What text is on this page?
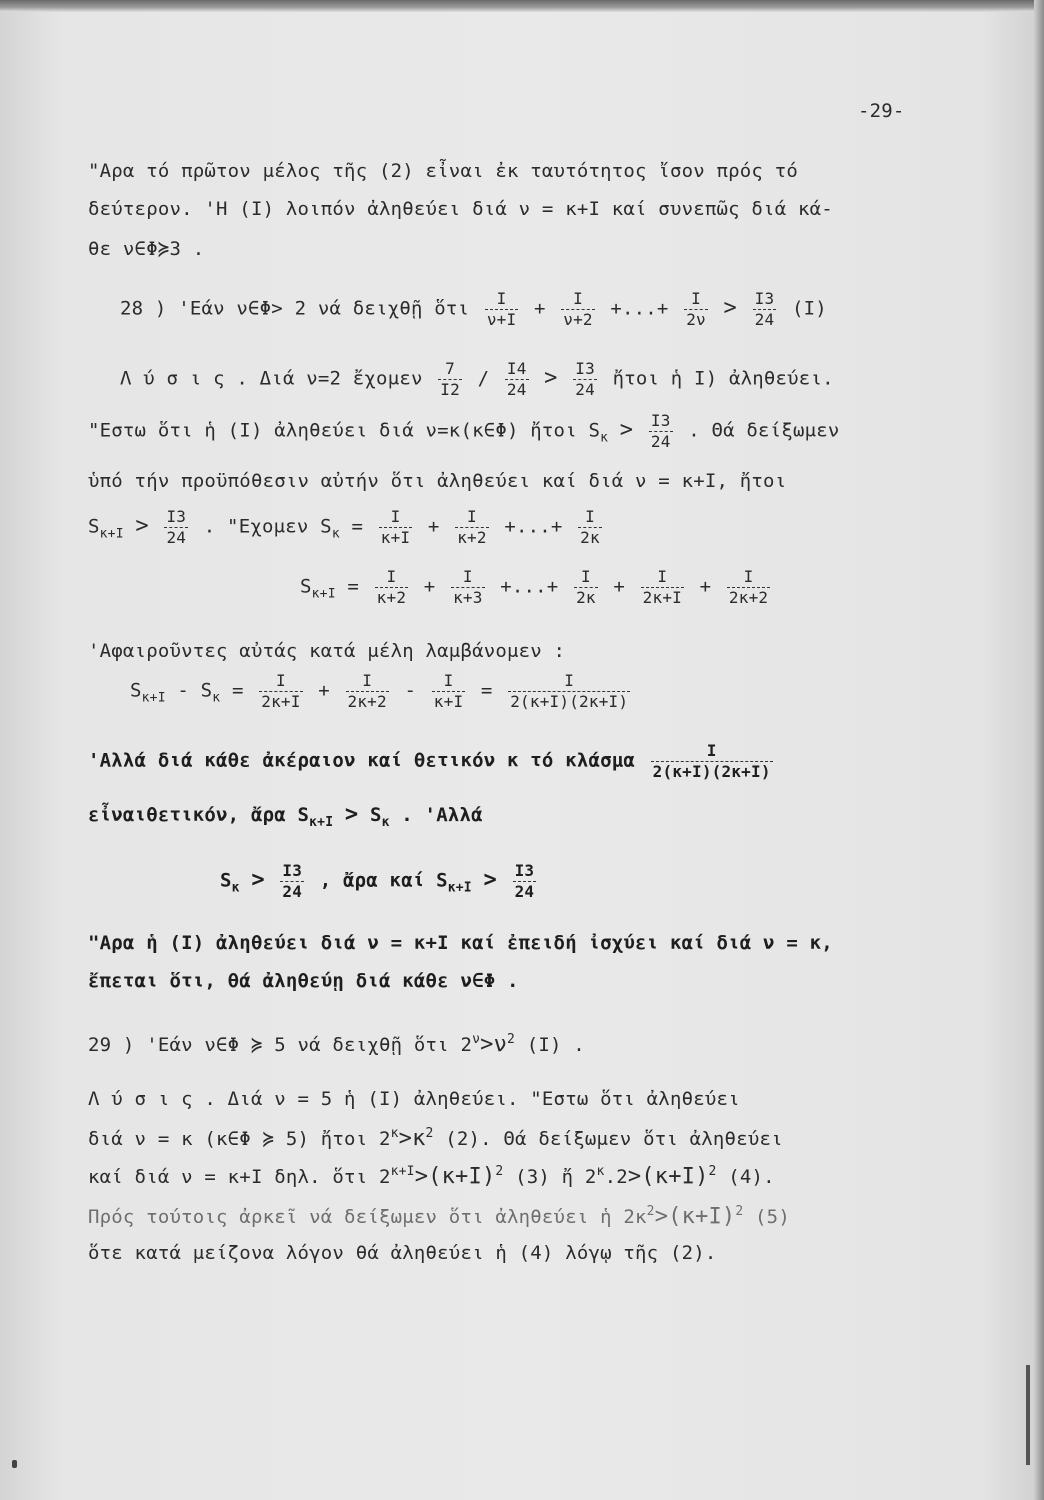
-29-
"Αρα τό πρῶτον μέλος τῆς (2) εἶναι ἐκ ταυτότητος ἴσον πρός τό
δεύτερον. 'Η (Ι) λοιπόν ἀληθεύει διά ν = κ+Ι καί συνεπῶς διά κά-
θε ν∈Φ≽3 .
28 ) 'Εάν ν∈Φ> 2 νά δειχθῇ ὅτι $\frac{I}{\nu+I} + \frac{I}{\nu+2}$ +...+ $\frac{I}{2\nu} > \frac{I3}{24} (I)$
Λ ύ σ ι ς . Διά ν=2 ἔχομεν $\frac{7}{I2} / \frac{I4}{24} > \frac{I3}{24}$ ἤτοι ἡ Ι) ἀληθεύει.
"Εστω ὅτι ἡ (Ι) ἀληθεύει διά ν=κ(κ∈Φ) ἤτοι $S_\kappa > \frac{I3}{24}$ . Θά δείξωμεν
ὑπό τήν προϋπόθεσιν αὐτήν ὅτι ἀληθεύει καί διά ν = κ+Ι, ἤτοι
$S_{\kappa+I} > \frac{I3}{24}$ . "Εχομεν $S_\kappa = \frac{I}{\kappa+I} + \frac{I}{\kappa+2}$ +...+ $\frac{I}{2\kappa}$
$S_{\kappa+I} = \frac{I}{\kappa+2} + \frac{I}{\kappa+3}$ +...+ $\frac{I}{2\kappa} + \frac{I}{2\kappa+I} + \frac{I}{2\kappa+2}$
'Αφαιροῦντες αὐτάς κατά μέλη λαμβάνομεν :
$S_{\kappa+I} - S_\kappa = \frac{I}{2\kappa+I} + \frac{I}{2\kappa+2} - \frac{I}{\kappa+I} = \frac{I}{2(\kappa+I)(2\kappa+I)}$
'Αλλά διά κάθε ἀκέραιον καί θετικόν κ τό κλάσμα $\frac{I}{2(\kappa+I)(2\kappa+I)}$
εἶναιθετικόν, ἄρα $S_{\kappa+I} > S_\kappa$ . 'Αλλά
$S_\kappa > \frac{I3}{24}$ , ἄρα καί $S_{\kappa+I} > \frac{I3}{24}$
"Αρα ἡ (Ι) ἀληθεύει διά ν = κ+Ι καί ἐπειδή ἰσχύει καί διά ν = κ,
ἔπεται ὅτι, θά ἀληθεύῃ διά κάθε ν∈Φ .
29 ) 'Εάν ν∈Φ ≽ 5 νά δειχθῇ ὅτι $2^\nu>\nu^2$ (Ι) .
Λ ύ σ ι ς . Διά ν = 5 ἡ (Ι) ἀληθεύει. "Εστω ὅτι ἀληθεύει
διά ν = κ (κ∈Φ ≽ 5) ἤτοι $2^\kappa>\kappa^2$ (2). Θά δείξωμεν ὅτι ἀληθεύει
καί διά ν = κ+Ι δηλ. ὅτι $2^{\kappa+I}>(\kappa+I)^2$ (3) ἤ $2^\kappa.2>(\kappa+I)^2$ (4).
Πρός τούτοις ἀρκεῖ νά δείξωμεν ὅτι ἀληθεύει ἡ $2\kappa^2>(\kappa+I)^2$ (5)
ὅτε κατά μείζονα λόγον θά ἀληθεύει ἡ (4) λόγῳ τῆς (2).
